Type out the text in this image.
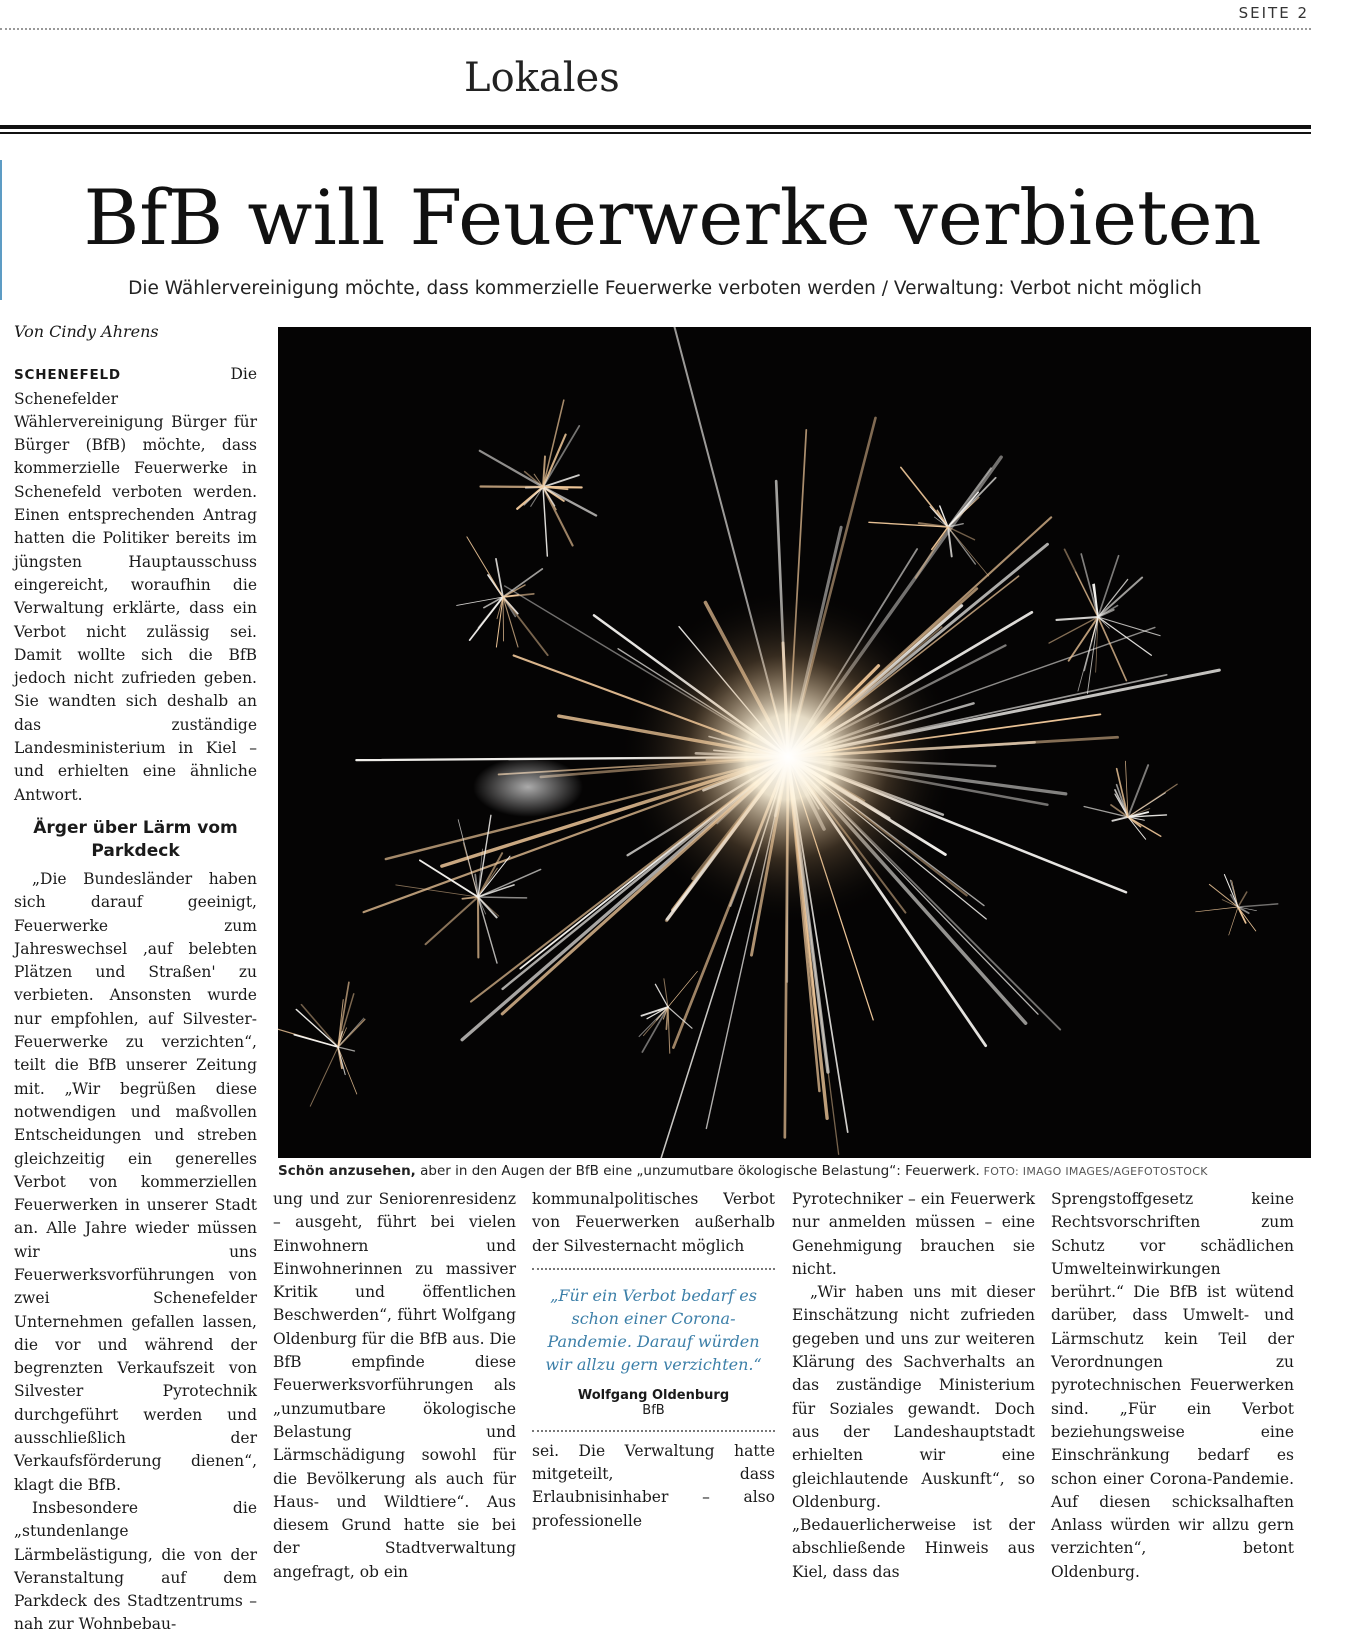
SEITE 2
Lokales
BfB will Feuerwerke verbieten
Die Wählervereinigung möchte, dass kommerzielle Feuerwerke verboten werden / Verwaltung: Verbot nicht möglich
Von Cindy Ahrens

SCHENEFELD	Die Schenefelder Wählervereinigung Bürger für Bürger (BfB) möchte, dass kommerzielle Feuerwerke in Schenefeld verboten werden. Einen entsprechenden Antrag hatten die Politiker bereits im jüngsten Hauptausschuss eingereicht, woraufhin die Verwaltung erklärte, dass ein Verbot nicht zulässig sei. Damit wollte sich die BfB jedoch nicht zufrieden geben. Sie wandten sich deshalb an das zuständige Landesministerium in Kiel – und erhielten eine ähnliche Antwort.

Ärger über Lärm vom Parkdeck

„Die Bundesländer haben sich darauf geeinigt, Feuerwerke zum Jahreswechsel ‚auf belebten Plätzen und Straßen' zu verbieten. Ansonsten wurde nur empfohlen, auf Silvester-Feuerwerke zu verzichten“, teilt die BfB unserer Zeitung mit. „Wir begrüßen diese notwendigen und maßvollen Entscheidungen und streben gleichzeitig ein generelles Verbot von kommerziellen Feuerwerken in unserer Stadt an. Alle Jahre wieder müssen wir uns Feuerwerksvorführungen von zwei Schenefelder Unternehmen gefallen lassen, die vor und während der begrenzten Verkaufszeit von Silvester Pyrotechnik durchgeführt werden und ausschließlich der Verkaufsförderung dienen“, klagt die BfB.

Insbesondere die „stundenlange Lärmbelästigung, die von der Veranstaltung auf dem Parkdeck des Stadtzentrums – nah zur Wohnbebau-

Schön anzusehen, aber in den Augen der BfB eine „unzumutbare ökologische Belastung“: Feuerwerk. FOTO: IMAGO IMAGES/AGEFOTOSTOCK

ung und zur Seniorenresidenz – ausgeht, führt bei vielen Einwohnern und Einwohnerinnen zu massiver Kritik und öffentlichen Beschwerden“, führt Wolfgang Oldenburg für die BfB aus. Die BfB empfinde diese Feuerwerksvorführungen als „unzumutbare ökologische Belastung und Lärmschädigung sowohl für die Bevölkerung als auch für Haus- und Wildtiere“. Aus diesem Grund hatte sie bei der Stadtverwaltung angefragt, ob ein

kommunalpolitisches Verbot von Feuerwerken außerhalb der Silvesternacht möglich

„Für ein Verbot bedarf es schon einer Corona-Pandemie. Darauf würden wir allzu gern verzichten.“
Wolfgang Oldenburg
BfB

sei. Die Verwaltung hatte mitgeteilt, dass Erlaubnisinhaber – also professionelle

Pyrotechniker – ein Feuerwerk nur anmelden müssen – eine Genehmigung brauchen sie nicht.

„Wir haben uns mit dieser Einschätzung nicht zufrieden gegeben und uns zur weiteren Klärung des Sachverhalts an das zuständige Ministerium für Soziales gewandt. Doch aus der Landeshauptstadt erhielten wir eine gleichlautende Auskunft“, so Oldenburg. „Bedauerlicherweise ist der abschließende Hinweis aus Kiel, dass das

Sprengstoffgesetz keine Rechtsvorschriften zum Schutz vor schädlichen Umwelteinwirkungen berührt.“ Die BfB ist wütend darüber, dass Umwelt- und Lärmschutz kein Teil der Verordnungen zu pyrotechnischen Feuerwerken sind. „Für ein Verbot beziehungsweise eine Einschränkung bedarf es schon einer Corona-Pandemie. Auf diesen schicksalhaften Anlass würden wir allzu gern verzichten“, betont Oldenburg.
